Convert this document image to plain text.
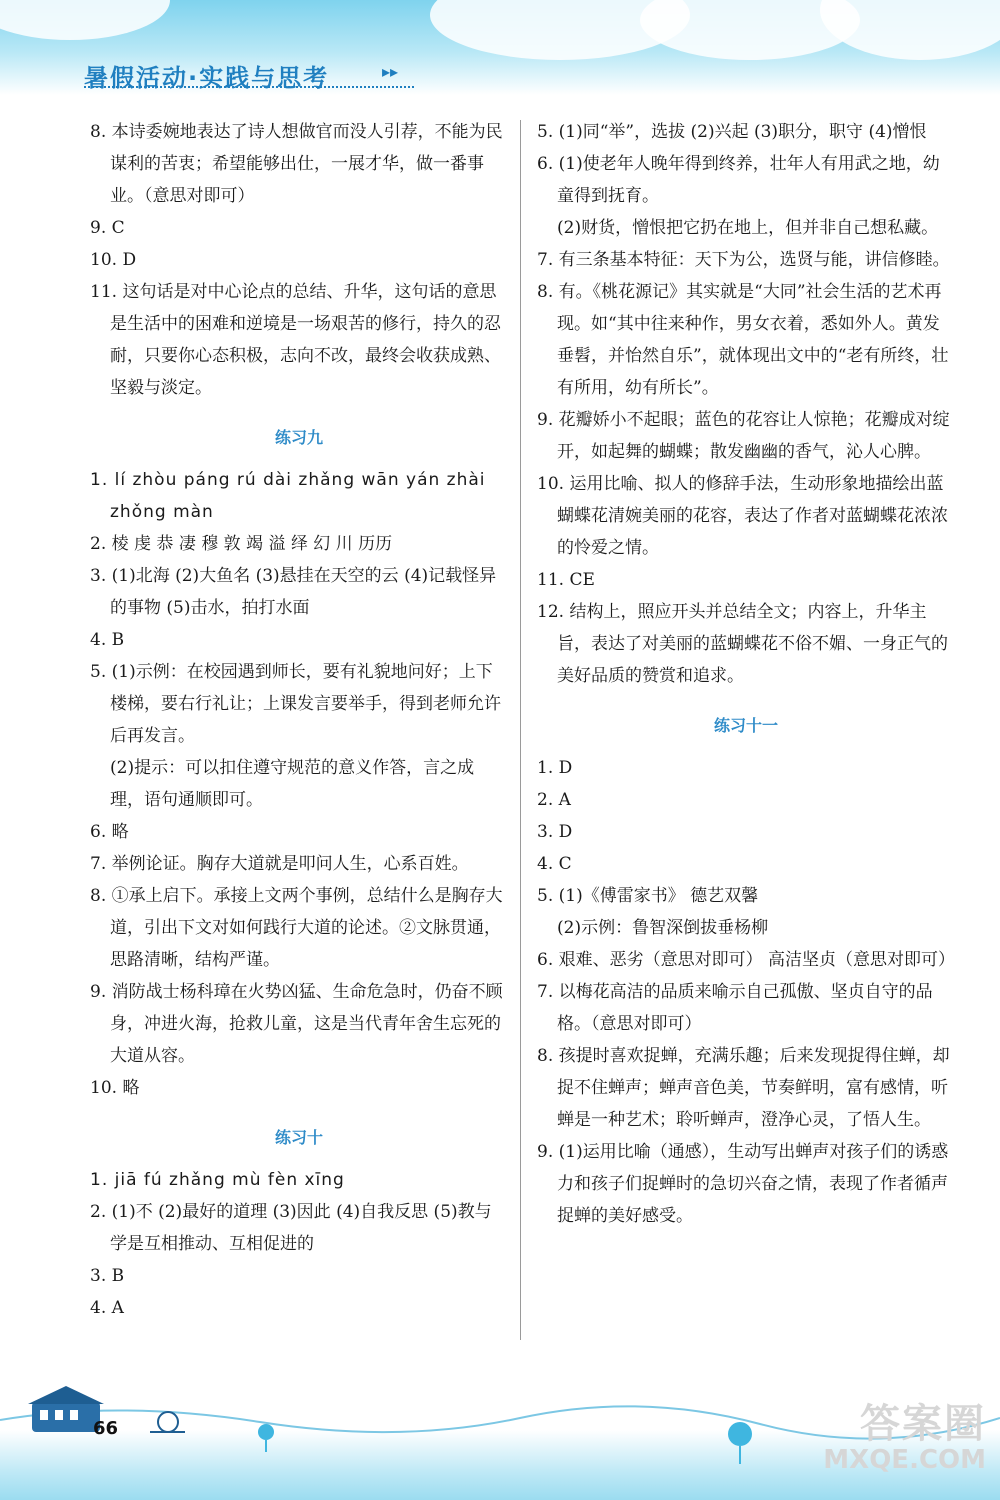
暑假活动·实践与思考	▸▸

8. 本诗委婉地表达了诗人想做官而没人引荐，不能为民谋利的苦衷；希望能够出仕，一展才华，做一番事业。（意思对即可）

9. C

10. D

11. 这句话是对中心论点的总结、升华，这句话的意思是生活中的困难和逆境是一场艰苦的修行，持久的忍耐，只要你心态积极，志向不改，最终会收获成熟、坚毅与淡定。

练习九

1. lí zhòu páng rú dài zhǎng wān yán zhài zhǒng màn

2. 棱 虔 恭 凄 穆 敦 竭 溢 绎 幻 川 历历

3. (1)北海 (2)大鱼名 (3)悬挂在天空的云 (4)记载怪异的事物 (5)击水，拍打水面

4. B

5. (1)示例：在校园遇到师长，要有礼貌地问好；上下楼梯，要右行礼让；上课发言要举手，得到老师允许后再发言。

(2)提示：可以扣住遵守规范的意义作答，言之成理，语句通顺即可。

6. 略

7. 举例论证。胸存大道就是叩问人生，心系百姓。

8. ①承上启下。承接上文两个事例，总结什么是胸存大道，引出下文对如何践行大道的论述。②文脉贯通，思路清晰，结构严谨。

9. 消防战士杨科璋在火势凶猛、生命危急时，仍奋不顾身，冲进火海，抢救儿童，这是当代青年舍生忘死的大道从容。

10. 略

练习十

1. jiā fú zhǎng mù fèn xīng

2. (1)不 (2)最好的道理 (3)因此 (4)自我反思 (5)教与学是互相推动、互相促进的

3. B

4. A

5. (1)同“举”，选拔 (2)兴起 (3)职分，职守 (4)憎恨

6. (1)使老年人晚年得到终养，壮年人有用武之地，幼童得到抚育。

(2)财货，憎恨把它扔在地上，但并非自己想私藏。

7. 有三条基本特征：天下为公，选贤与能，讲信修睦。

8. 有。《桃花源记》其实就是“大同”社会生活的艺术再现。如“其中往来种作，男女衣着，悉如外人。黄发垂髫，并怡然自乐”，就体现出文中的“老有所终，壮有所用，幼有所长”。

9. 花瓣娇小不起眼；蓝色的花容让人惊艳；花瓣成对绽开，如起舞的蝴蝶；散发幽幽的香气，沁人心脾。

10. 运用比喻、拟人的修辞手法，生动形象地描绘出蓝蝴蝶花清婉美丽的花容，表达了作者对蓝蝴蝶花浓浓的怜爱之情。

11. CE

12. 结构上，照应开头并总结全文；内容上，升华主旨，表达了对美丽的蓝蝴蝶花不俗不媚、一身正气的美好品质的赞赏和追求。

练习十一

1. D

2. A

3. D

4. C

5. (1)《傅雷家书》 德艺双馨

(2)示例：鲁智深倒拔垂杨柳

6. 艰难、恶劣（意思对即可） 高洁坚贞（意思对即可）

7. 以梅花高洁的品质来喻示自己孤傲、坚贞自守的品格。（意思对即可）

8. 孩提时喜欢捉蝉，充满乐趣；后来发现捉得住蝉，却捉不住蝉声；蝉声音色美，节奏鲜明，富有感情，听蝉是一种艺术；聆听蝉声，澄净心灵，了悟人生。

9. (1)运用比喻（通感），生动写出蝉声对孩子们的诱惑力和孩子们捉蝉时的急切兴奋之情，表现了作者循声捉蝉的美好感受。

66	答案圈
MXQE.COM
